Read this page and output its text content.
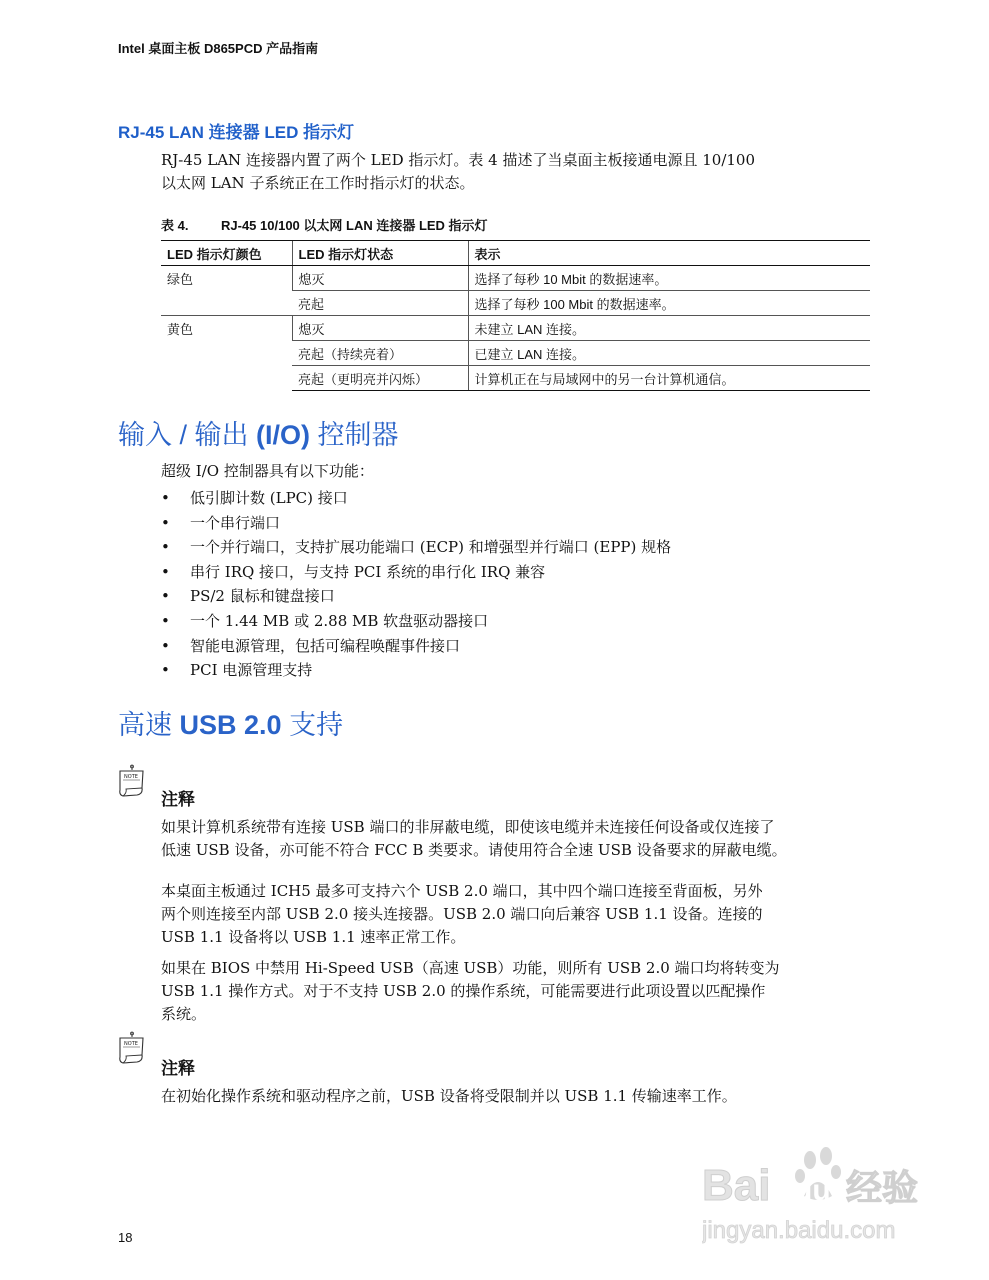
Intel 桌面主板 D865PCD 产品指南
RJ-45 LAN 连接器 LED 指示灯
RJ-45 LAN 连接器内置了两个 LED 指示灯。表 4 描述了当桌面主板接通电源且 10/100
以太网 LAN 子系统正在工作时指示灯的状态。
表 4.	RJ-45 10/100 以太网 LAN 连接器 LED 指示灯
LED 指示灯颜色	LED 指示灯状态	表示
绿色	熄灭	选择了每秒 10 Mbit 的数据速率。
	亮起	选择了每秒 100 Mbit 的数据速率。
黄色	熄灭	未建立 LAN 连接。
	亮起（持续亮着）	已建立 LAN 连接。
	亮起（更明亮并闪烁）	计算机正在与局域网中的另一台计算机通信。
输入 / 输出 (I/O) 控制器
超级 I/O 控制器具有以下功能：
• 低引脚计数 (LPC) 接口
• 一个串行端口
• 一个并行端口，支持扩展功能端口 (ECP) 和增强型并行端口 (EPP) 规格
• 串行 IRQ 接口，与支持 PCI 系统的串行化 IRQ 兼容
• PS/2 鼠标和键盘接口
• 一个 1.44 MB 或 2.88 MB 软盘驱动器接口
• 智能电源管理，包括可编程唤醒事件接口
• PCI 电源管理支持
高速 USB 2.0 支持
NOTE
注释
如果计算机系统带有连接 USB 端口的非屏蔽电缆，即使该电缆并未连接任何设备或仅连接了
低速 USB 设备，亦可能不符合 FCC B 类要求。请使用符合全速 USB 设备要求的屏蔽电缆。
本桌面主板通过 ICH5 最多可支持六个 USB 2.0 端口，其中四个端口连接至背面板，另外
两个则连接至内部 USB 2.0 接头连接器。USB 2.0 端口向后兼容 USB 1.1 设备。连接的
USB 1.1 设备将以 USB 1.1 速率正常工作。
如果在 BIOS 中禁用 Hi-Speed USB（高速 USB）功能，则所有 USB 2.0 端口均将转变为
USB 1.1 操作方式。对于不支持 USB 2.0 的操作系统，可能需要进行此项设置以匹配操作
系统。
NOTE
注释
在初始化操作系统和驱动程序之前，USB 设备将受限制并以 USB 1.1 传输速率工作。
Bai du 经验
jingyan.baidu.com
18
